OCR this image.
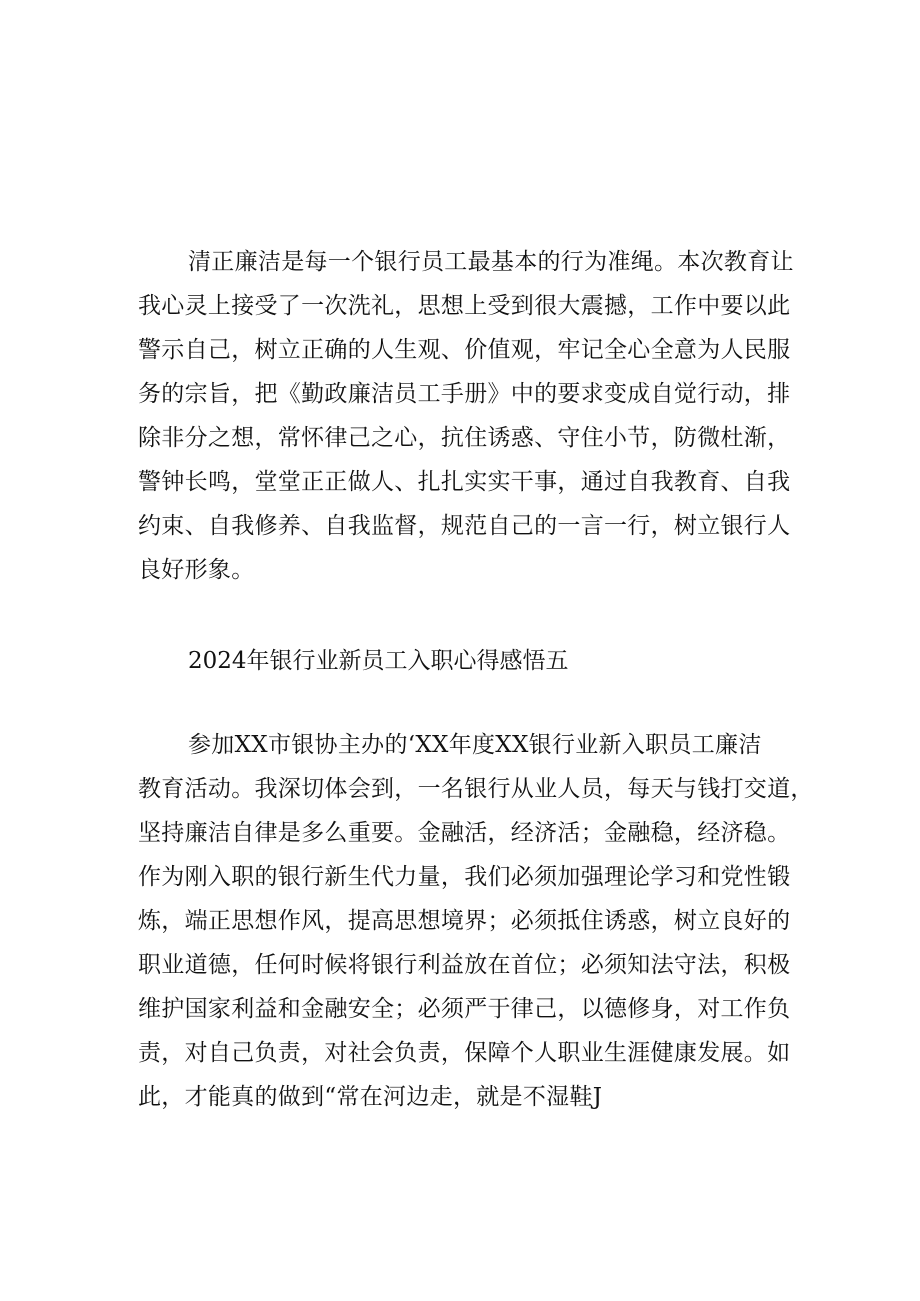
清正廉洁是每一个银行员工最基本的行为准绳。本次教育让
我心灵上接受了一次洗礼，思想上受到很大震撼，工作中要以此
警示自己，树立正确的人生观、价值观，牢记全心全意为人民服
务的宗旨，把《勤政廉洁员工手册》中的要求变成自觉行动，排
除非分之想，常怀律己之心，抗住诱惑、守住小节，防微杜渐，
警钟长鸣，堂堂正正做人、扎扎实实干事，通过自我教育、自我
约束、自我修养、自我监督，规范自己的一言一行，树立银行人
良好形象。
2024年银行业新员工入职心得感悟五
参加XX市银协主办的‘XX年度XX银行业新入职员工廉洁
教育活动。我深切体会到，一名银行从业人员，每天与钱打交道，
坚持廉洁自律是多么重要。金融活，经济活；金融稳，经济稳。
作为刚入职的银行新生代力量，我们必须加强理论学习和党性锻
炼，端正思想作风，提高思想境界；必须抵住诱惑，树立良好的
职业道德，任何时候将银行利益放在首位；必须知法守法，积极
维护国家利益和金融安全；必须严于律己，以德修身，对工作负
责，对自己负责，对社会负责，保障个人职业生涯健康发展。如
此，才能真的做到“常在河边走，就是不湿鞋J
